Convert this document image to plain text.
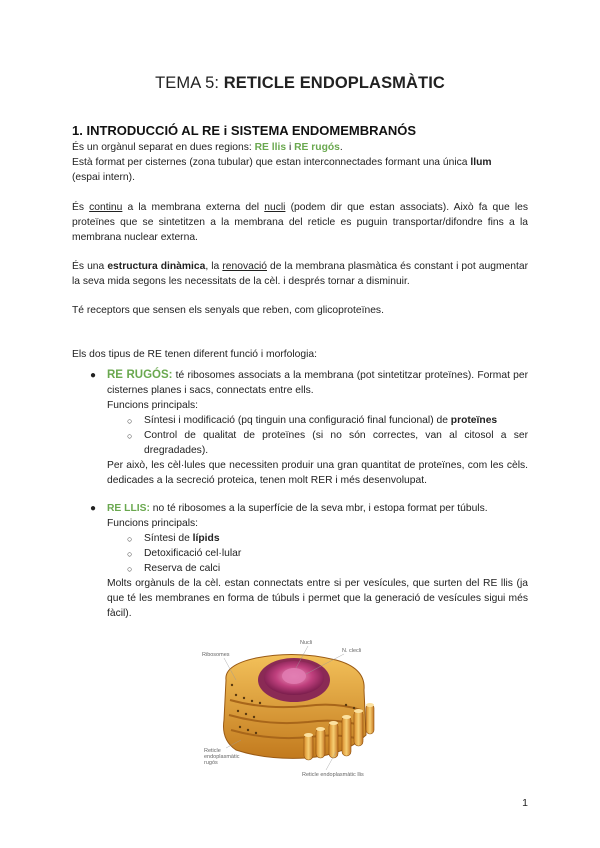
TEMA 5: RETICLE ENDOPLASMÀTIC
1. INTRODUCCIÓ AL RE i SISTEMA ENDOMEMBRANÓS
És un orgànul separat en dues regions: RE llis i RE rugós.
Està format per cisternes (zona tubular) que estan interconnectades formant una única llum
(espai intern).
És continu a la membrana externa del nucli (podem dir que estan associats). Això fa que les proteïnes que se sintetitzen a la membrana del reticle es puguin transportar/difondre fins a la membrana nuclear externa.
És una estructura dinàmica, la renovació de la membrana plasmàtica és constant i pot augmentar la seva mida segons les necessitats de la cèl. i després tornar a disminuir.
Té receptors que sensen els senyals que reben, com glicoproteïnes.
Els dos tipus de RE tenen diferent funció i morfologia:
● RE RUGÓS: té ribosomes associats a la membrana (pot sintetitzar proteïnes). Format per cisternes planes i sacs, connectats entre ells.
Funcions principals:
○ Síntesi i modificació (pq tinguin una configuració final funcional) de proteïnes
○ Control de qualitat de proteïnes (si no són correctes, van al citosol a ser dregradades).
Per això, les cèl·lules que necessiten produir una gran quantitat de proteïnes, com les cèls. dedicades a la secreció proteica, tenen molt RER i més desenvolupat.
● RE LLIS: no té ribosomes a la superfície de la seva mbr, i estopa format per túbuls.
Funcions principals:
○ Síntesi de lípids
○ Detoxificació cel·lular
○ Reserva de calci
Molts orgànuls de la cèl. estan connectats entre si per vesícules, que surten del RE llis (ja que té les membranes en forma de túbuls i permet que la generació de vesícules sigui més fàcil).
Ribosomes
Nucli
N. clecli
Reticle endoplasmàtic rugós
Reticle endoplasmàtic llis
1
